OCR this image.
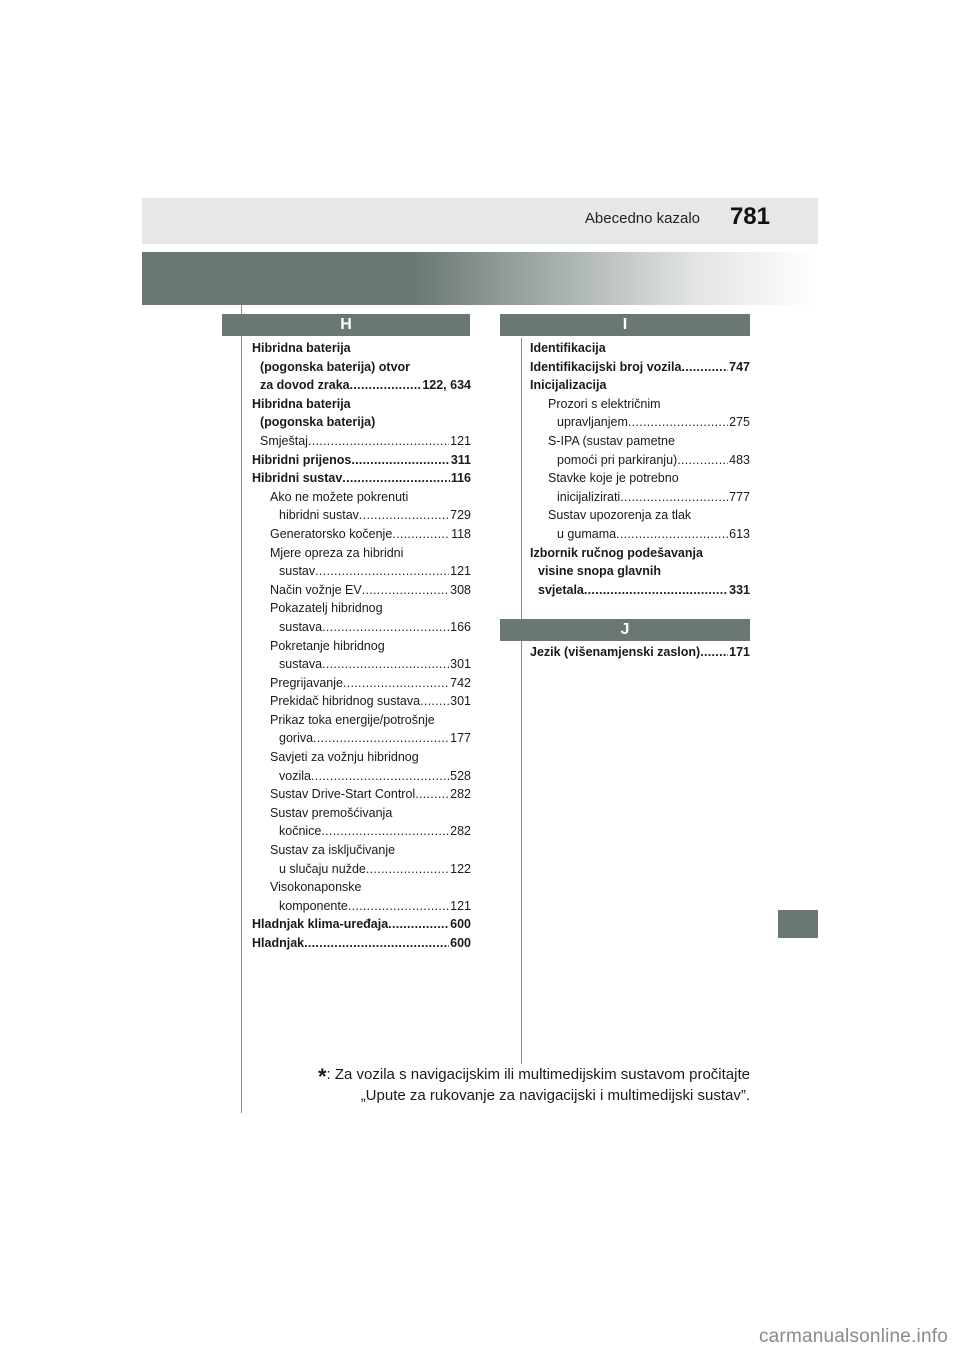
Abecedno kazalo 781
H
Hibridna baterija
(pogonska baterija) otvor
za dovod zraka .....	122, 634
Hibridna baterija
(pogonska baterija)
Smještaj .....	121
Hibridni prijenos .....	311
Hibridni sustav .....	116
Ako ne možete pokrenuti
hibridni sustav .....	729
Generatorsko kočenje .....	118
Mjere opreza za hibridni
sustav .....	121
Način vožnje EV .....	308
Pokazatelj hibridnog
sustava .....	166
Pokretanje hibridnog
sustava .....	301
Pregrijavanje .....	742
Prekidač hibridnog sustava ..... 301
Prikaz toka energije/potrošnje
goriva .....	177
Savjeti za vožnju hibridnog
vozila .....	528
Sustav Drive-Start Control .....	282
Sustav premošćivanja
kočnice .....	282
Sustav za isključivanje
u slučaju nužde .....	122
Visokonaponske
komponente .....	121
Hladnjak klima-uređaja .....	600
Hladnjak .....	600
I
Identifikacija
Identifikacijski broj vozila .....	747
Inicijalizacija
Prozori s električnim
upravljanjem .....	275
S-IPA (sustav pametne
pomoći pri parkiranju) .....	483
Stavke koje je potrebno
inicijalizirati .....	777
Sustav upozorenja za tlak
u gumama .....	613
Izbornik ručnog podešavanja
visine snopa glavnih
svjetala .....	331
J
Jezik (višenamjenski zaslon) ..... 171
*: Za vozila s navigacijskim ili multimedijskim sustavom pročitajte
„Upute za rukovanje za navigacijski i multimedijski sustav”.
carmanualsonline.info
